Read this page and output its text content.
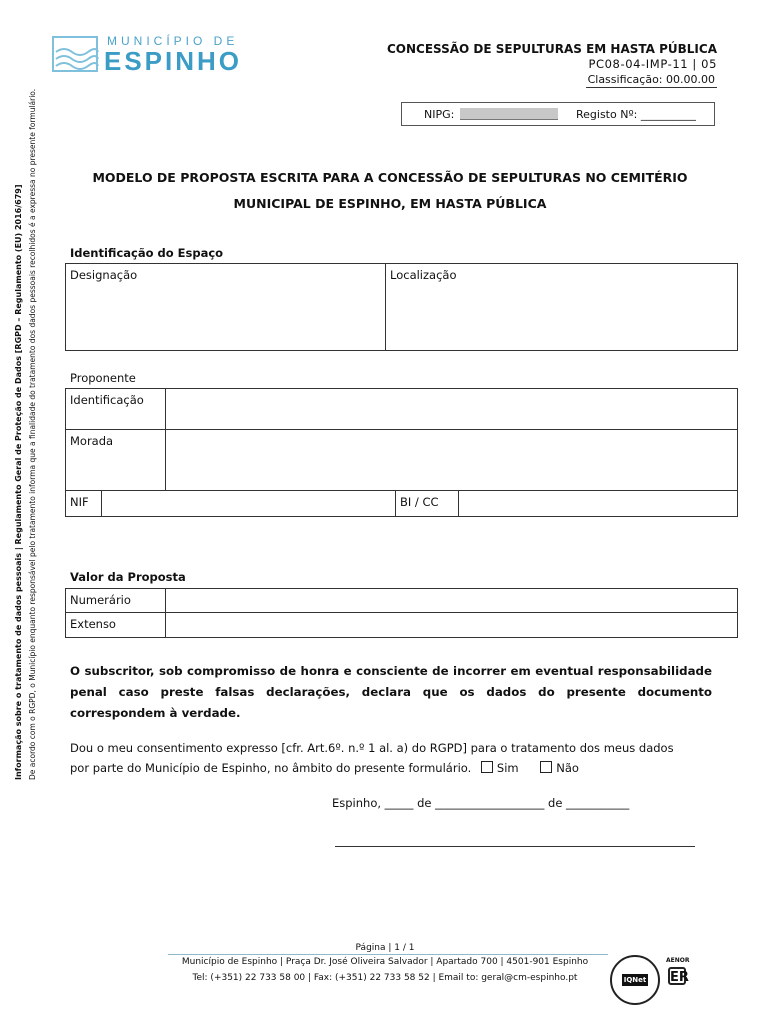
MUNICÍPIO DE
ESPINHO	CONCESSÃO DE SEPULTURAS EM HASTA PÚBLICA
PC08-04-IMP-11 | 05
Classificação: 00.00.00
NIPG:	Registo Nº: __________
Informação sobre o tratamento de dados pessoais | Regulamento Geral de Proteção de Dados [RGPD – Regulamento (EU) 2016/679] De acordo com o RGPD, o Município enquanto responsável pelo tratamento informa que a finalidade do tratamento dos dados pessoais recolhidos é a expressa no presente formulário.	MODELO DE PROPOSTA ESCRITA PARA A CONCESSÃO DE SEPULTURAS NO CEMITÉRIO
MUNICIPAL DE ESPINHO, EM HASTA PÚBLICA
Identificação do Espaço
Designação	Localização
Proponente
Identificação
Morada
NIF	BI / CC
Valor da Proposta
Numerário
Extenso
O subscritor, sob compromisso de honra e consciente de incorrer em eventual responsabilidade penal caso preste falsas declarações, declara que os dados do presente documento correspondem à verdade.
Dou o meu consentimento expresso [cfr. Art.6º. n.º 1 al. a) do RGPD] para o tratamento dos meus dados
por parte do Município de Espinho, no âmbito do presente formulário. Sim	Não
Espinho, _____ de ___________________ de ___________
Página | 1 / 1
Município de Espinho | Praça Dr. José Oliveira Salvador | Apartado 700 | 4501-901 Espinho
Tel: (+351) 22 733 58 00 | Fax: (+351) 22 733 58 52 | Email to: geral@cm-espinho.pt	IQNet
AENOR
ER
